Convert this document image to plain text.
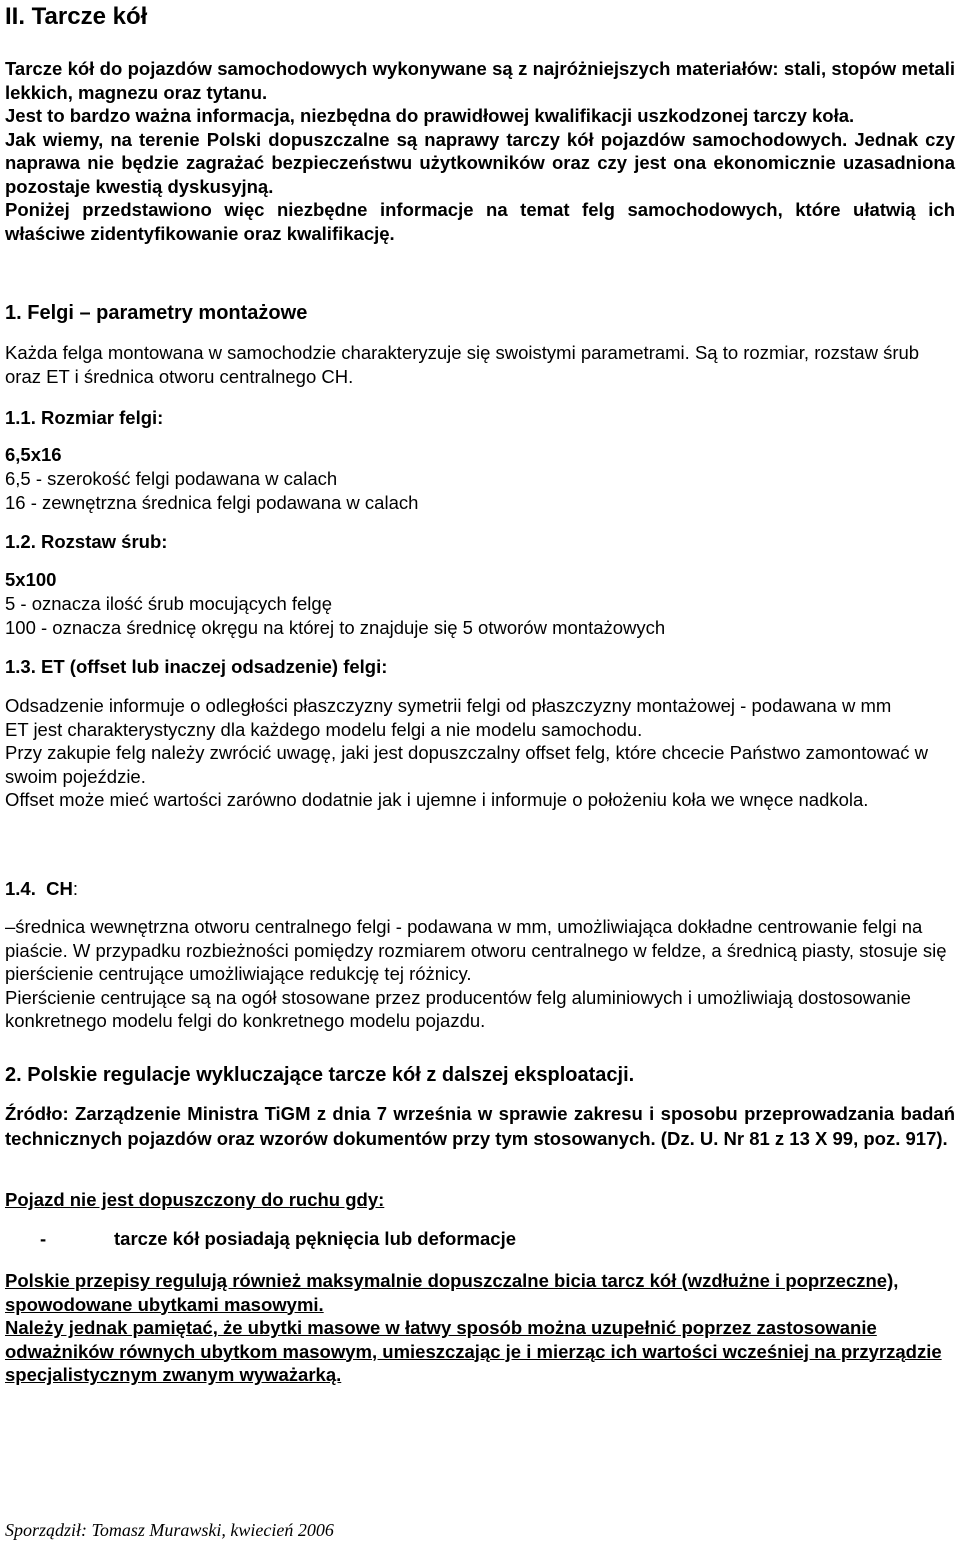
II. Tarcze kół

Tarcze kół do pojazdów samochodowych wykonywane są z najróżniejszych materiałów: stali, stopów metali lekkich, magnezu oraz tytanu.

Jest to bardzo ważna informacja, niezbędna do prawidłowej kwalifikacji uszkodzonej tarczy koła.

Jak wiemy, na terenie Polski dopuszczalne są naprawy tarczy kół pojazdów samochodowych. Jednak czy naprawa nie będzie zagrażać bezpieczeństwu użytkowników oraz czy jest ona ekonomicznie uzasadniona pozostaje kwestią dyskusyjną.

Poniżej przedstawiono więc niezbędne informacje na temat felg samochodowych, które ułatwią ich właściwe zidentyfikowanie oraz kwalifikację.

1. Felgi – parametry montażowe
Każda felga montowana w samochodzie charakteryzuje się swoistymi parametrami. Są to rozmiar, rozstaw śrub oraz ET i średnica otworu centralnego CH.
1.1. Rozmiar felgi:
6,5x16
6,5 - szerokość felgi podawana w calach
16 - zewnętrzna średnica felgi podawana w calach
1.2. Rozstaw śrub:
5x100
5 - oznacza ilość śrub mocujących felgę
100 - oznacza średnicę okręgu na której to znajduje się 5 otworów montażowych
1.3. ET (offset lub inaczej odsadzenie) felgi:

Odsadzenie informuje o odległości płaszczyzny symetrii felgi od płaszczyzny montażowej - podawana w mm

ET jest charakterystyczny dla każdego modelu felgi a nie modelu samochodu.

Przy zakupie felg należy zwrócić uwagę, jaki jest dopuszczalny offset felg, które chcecie Państwo zamontować w swoim pojeździe.

Offset może mieć wartości zarówno dodatnie jak i ujemne i informuje o położeniu koła we wnęce nadkola.

1.4. CH:

–średnica wewnętrzna otworu centralnego felgi - podawana w mm, umożliwiająca dokładne centrowanie felgi na piaście. W przypadku rozbieżności pomiędzy rozmiarem otworu centralnego w feldze, a średnicą piasty, stosuje się pierścienie centrujące umożliwiające redukcję tej różnicy.

Pierścienie centrujące są na ogół stosowane przez producentów felg aluminiowych i umożliwiają dostosowanie konkretnego modelu felgi do konkretnego modelu pojazdu.

2. Polskie regulacje wykluczające tarcze kół z dalszej eksploatacji.
Źródło: Zarządzenie Ministra TiGM z dnia 7 września w sprawie zakresu i sposobu przeprowadzania badań technicznych pojazdów oraz wzorów dokumentów przy tym stosowanych. (Dz. U. Nr 81 z 13 X 99, poz. 917).
Pojazd nie jest dopuszczony do ruchu gdy:
-	tarcze kół posiadają pęknięcia lub deformacje
Polskie przepisy regulują również maksymalnie dopuszczalne bicia tarcz kół (wzdłużne i poprzeczne), spowodowane ubytkami masowymi.
Należy jednak pamiętać, że ubytki masowe w łatwy sposób można uzupełnić poprzez zastosowanie odważników równych ubytkom masowym, umieszczając je i mierząc ich wartości wcześniej na przyrządzie specjalistycznym zwanym wyważarką.
Sporządził: Tomasz Murawski, kwiecień 2006
